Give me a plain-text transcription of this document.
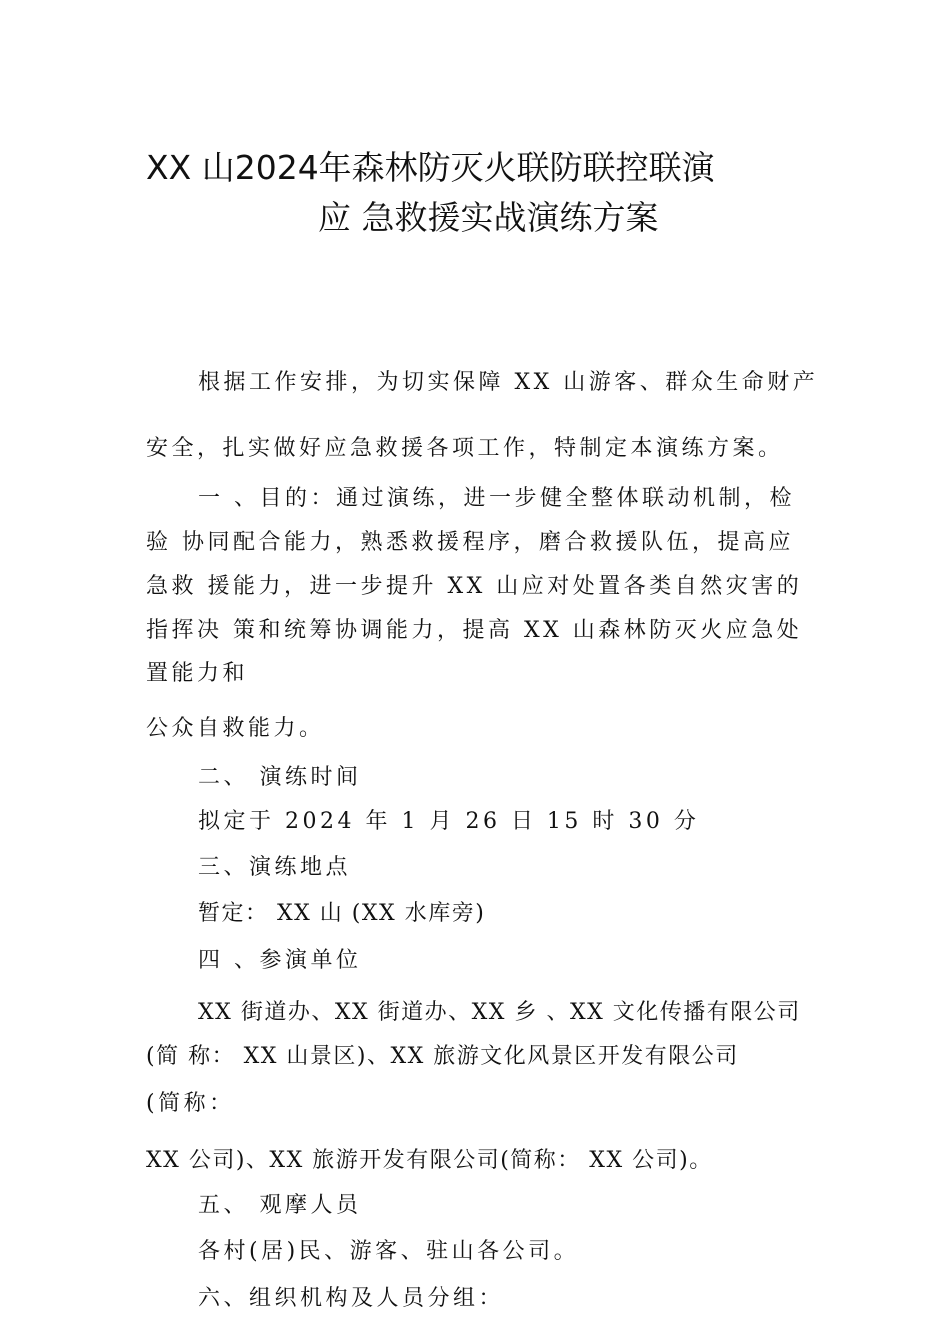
XX 山2024年森林防灭火联防联控联演
应 急救援实战演练方案
根据工作安排，为切实保障 XX 山游客、群众生命财产
安全，扎实做好应急救援各项工作，特制定本演练方案。
一 、目的：通过演练，进一步健全整体联动机制，检
验 协同配合能力，熟悉救援程序，磨合救援队伍，提高应
急救 援能力，进一步提升 XX 山应对处置各类自然灾害的
指挥决 策和统筹协调能力，提高 XX 山森林防灭火应急处
置能力和
公众自救能力。
二、 演练时间
拟定于 2024 年 1 月 26 日 15 时 30 分
三、演练地点
暂定： XX 山 (XX 水库旁)
四 、参演单位
XX 街道办、XX 街道办、XX 乡 、XX 文化传播有限公司
(简 称： XX 山景区)、XX 旅游文化风景区开发有限公司
(简称：
XX 公司)、XX 旅游开发有限公司(简称： XX 公司)。
五、 观摩人员
各村(居)民、游客、驻山各公司。
六、组织机构及人员分组：
